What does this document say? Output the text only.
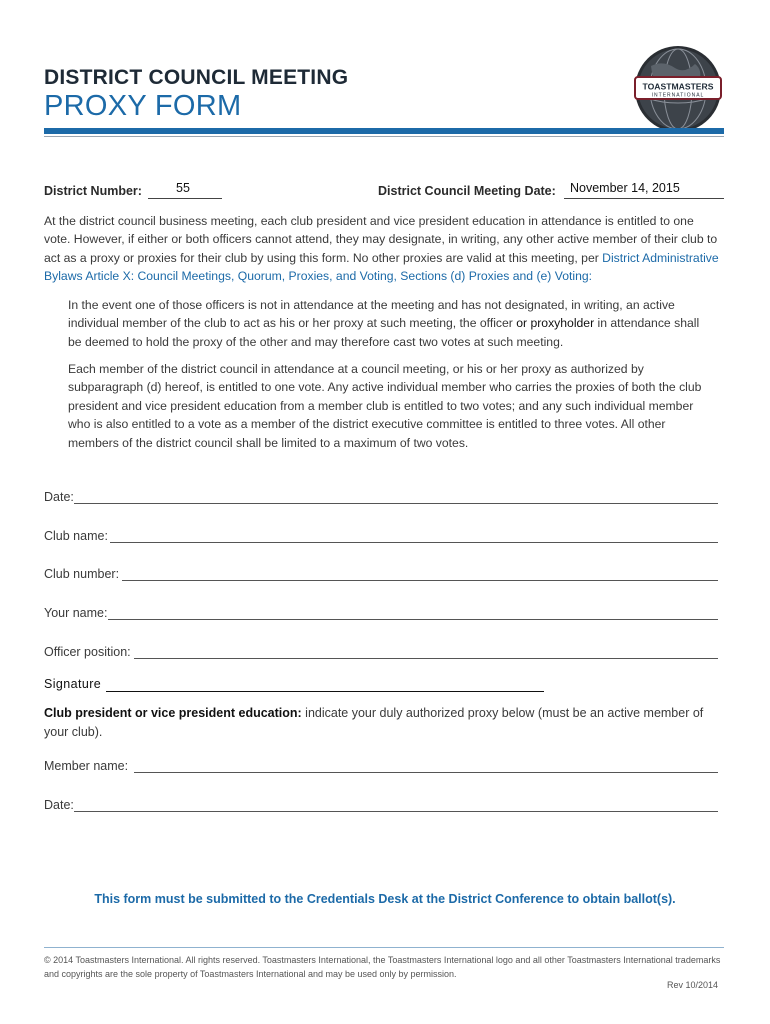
DISTRICT COUNCIL MEETING
PROXY FORM
TOASTMASTERS
INTERNATIONAL
District Number:	55	District Council Meeting Date: November 14, 2015
At the district council business meeting, each club president and vice president education in attendance is entitled to one vote. However, if either or both officers cannot attend, they may designate, in writing, any other active member of their club to act as a proxy or proxies for their club by using this form. No other proxies are valid at this meeting, per District Administrative Bylaws Article X: Council Meetings, Quorum, Proxies, and Voting, Sections (d) Proxies and (e) Voting:
In the event one of those officers is not in attendance at the meeting and has not designated, in writing, an active individual member of the club to act as his or her proxy at such meeting, the officer or proxyholder in attendance shall be deemed to hold the proxy of the other and may therefore cast two votes at such meeting.
Each member of the district council in attendance at a council meeting, or his or her proxy as authorized by subparagraph (d) hereof, is entitled to one vote. Any active individual member who carries the proxies of both the club president and vice president education from a member club is entitled to two votes; and any such individual member who is also entitled to a vote as a member of the district executive committee is entitled to three votes. All other members of the district council shall be limited to a maximum of two votes.
Date:
Club name:
Club number:
Your name:
Officer position:
Signature
Club president or vice president education: indicate your duly authorized proxy below (must be an active member of your club).
Member name:
Date:
This form must be submitted to the Credentials Desk at the District Conference to obtain ballot(s).
© 2014 Toastmasters International. All rights reserved. Toastmasters International, the Toastmasters International logo and all other Toastmasters International trademarks and copyrights are the sole property of Toastmasters International and may be used only by permission.
Rev 10/2014
